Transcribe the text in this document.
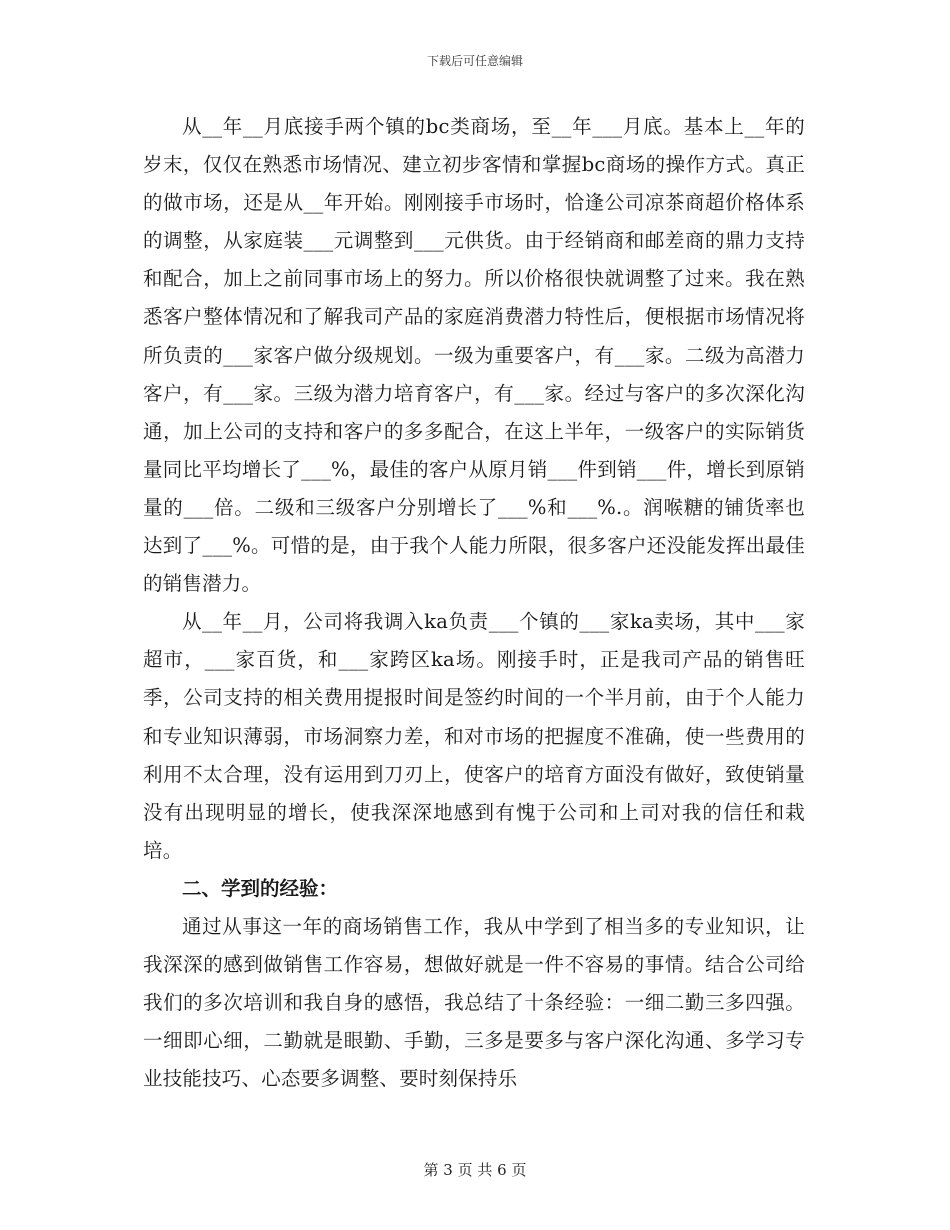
下载后可任意编辑

从__年__月底接手两个镇的bc类商场，至__年___月底。基本上__年的岁末，仅仅在熟悉市场情况、建立初步客情和掌握bc商场的操作方式。真正的做市场，还是从__年开始。刚刚接手市场时，恰逢公司凉茶商超价格体系的调整，从家庭装___元调整到___元供货。由于经销商和邮差商的鼎力支持和配合，加上之前同事市场上的努力。所以价格很快就调整了过来。我在熟悉客户整体情况和了解我司产品的家庭消费潜力特性后，便根据市场情况将所负责的___家客户做分级规划。一级为重要客户，有___家。二级为高潜力客户，有___家。三级为潜力培育客户，有___家。经过与客户的多次深化沟通，加上公司的支持和客户的多多配合，在这上半年，一级客户的实际销货量同比平均增长了___%，最佳的客户从原月销___件到销___件，增长到原销量的___倍。二级和三级客户分别增长了___%和___%.。润喉糖的铺货率也达到了___%。可惜的是，由于我个人能力所限，很多客户还没能发挥出最佳的销售潜力。

从__年__月，公司将我调入ka负责___个镇的___家ka卖场，其中___家超市，___家百货，和___家跨区ka场。刚接手时，正是我司产品的销售旺季，公司支持的相关费用提报时间是签约时间的一个半月前，由于个人能力和专业知识薄弱，市场洞察力差，和对市场的把握度不准确，使一些费用的利用不太合理，没有运用到刀刃上，使客户的培育方面没有做好，致使销量没有出现明显的增长，使我深深地感到有愧于公司和上司对我的信任和栽培。

二、学到的经验：

通过从事这一年的商场销售工作，我从中学到了相当多的专业知识，让我深深的感到做销售工作容易，想做好就是一件不容易的事情。结合公司给我们的多次培训和我自身的感悟，我总结了十条经验：一细二勤三多四强。一细即心细，二勤就是眼勤、手勤，三多是要多与客户深化沟通、多学习专业技能技巧、心态要多调整、要时刻保持乐

第 3 页 共 6 页
